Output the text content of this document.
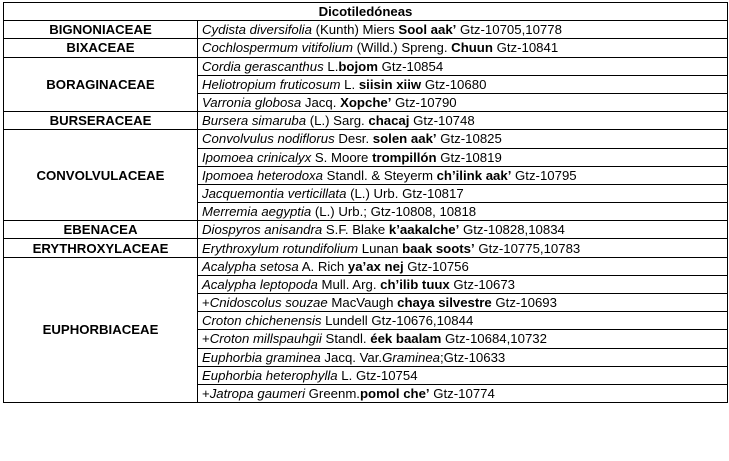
Dicotiledóneas	
BIGNONIACEAE	Cydista diversifolia (Kunth) Miers Sool aak’ Gtz-10705,10778
BIXACEAE	Cochlospermum vitifolium (Willd.) Spreng. Chuun Gtz-10841
BORAGINACEAE	Cordia gerascanthus L.bojom Gtz-10854
	Heliotropium fruticosum L. siisin xiiw Gtz-10680
	Varronia globosa Jacq. Xopche’ Gtz-10790
BURSERACEAE	Bursera simaruba (L.) Sarg. chacaj Gtz-10748
CONVOLVULACEAE	Convolvulus nodiflorus Desr. solen aak’ Gtz-10825
	Ipomoea crinicalyx S. Moore trompillón Gtz-10819
	Ipomoea heterodoxa Standl. & Steyerm ch’ilink aak’ Gtz-10795
	Jacquemontia verticillata (L.) Urb. Gtz-10817
	Merremia aegyptia (L.) Urb.; Gtz-10808, 10818
EBENACEA	Diospyros anisandra S.F. Blake k’aakalche’ Gtz-10828,10834
ERYTHROXYLACEAE	Erythroxylum rotundifolium Lunan baak soots’ Gtz-10775,10783
EUPHORBIACEAE	Acalypha setosa A. Rich ya’ax nej Gtz-10756
	Acalypha leptopoda Mull. Arg. ch’ilib tuux Gtz-10673
	+Cnidoscolus souzae MacVaugh chaya silvestre Gtz-10693
	Croton chichenensis Lundell Gtz-10676,10844
	+Croton millspauhgii Standl. éek baalam Gtz-10684,10732
	Euphorbia graminea Jacq. Var.Graminea;Gtz-10633
	Euphorbia heterophylla L. Gtz-10754
	+Jatropa gaumeri Greenm.pomol che’ Gtz-10774
